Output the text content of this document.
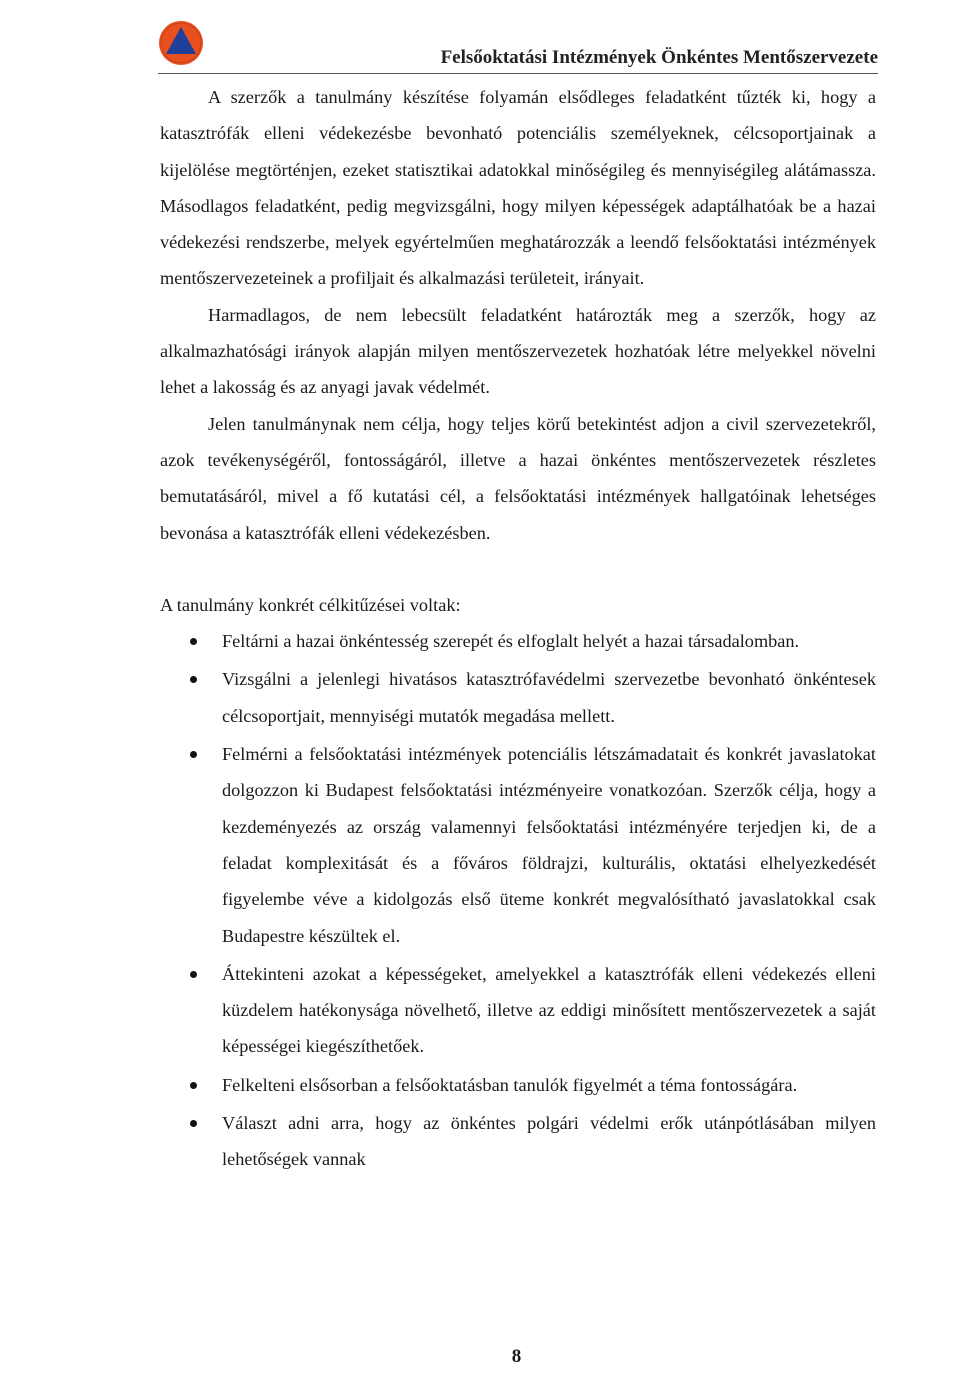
Felsőoktatási Intézmények Önkéntes Mentőszervezete

A szerzők a tanulmány készítése folyamán elsődleges feladatként tűzték ki, hogy a katasztrófák elleni védekezésbe bevonható potenciális személyeknek, célcsoportjainak a kijelölése megtörténjen, ezeket statisztikai adatokkal minőségileg és mennyiségileg alátámassza. Másodlagos feladatként, pedig megvizsgálni, hogy milyen képességek adaptálhatóak be a hazai védekezési rendszerbe, melyek egyértelműen meghatározzák a leendő felsőoktatási intézmények mentőszervezeteinek a profiljait és alkalmazási területeit, irányait.

Harmadlagos, de nem lebecsült feladatként határozták meg a szerzők, hogy az alkalmazhatósági irányok alapján milyen mentőszervezetek hozhatóak létre melyekkel növelni lehet a lakosság és az anyagi javak védelmét.

Jelen tanulmánynak nem célja, hogy teljes körű betekintést adjon a civil szervezetekről, azok tevékenységéről, fontosságáról, illetve a hazai önkéntes mentőszervezetek részletes bemutatásáról, mivel a fő kutatási cél, a felsőoktatási intézmények hallgatóinak lehetséges bevonása a katasztrófák elleni védekezésben.

A tanulmány konkrét célkitűzései voltak:

Feltárni a hazai önkéntesség szerepét és elfoglalt helyét a hazai társadalomban.
Vizsgálni a jelenlegi hivatásos katasztrófavédelmi szervezetbe bevonható önkéntesek célcsoportjait, mennyiségi mutatók megadása mellett.
Felmérni a felsőoktatási intézmények potenciális létszámadatait és konkrét javaslatokat dolgozzon ki Budapest felsőoktatási intézményeire vonatkozóan. Szerzők célja, hogy a kezdeményezés az ország valamennyi felsőoktatási intézményére terjedjen ki, de a feladat komplexitását és a főváros földrajzi, kulturális, oktatási elhelyezkedését figyelembe véve a kidolgozás első üteme konkrét megvalósítható javaslatokkal csak Budapestre készültek el.
Áttekinteni azokat a képességeket, amelyekkel a katasztrófák elleni védekezés elleni küzdelem hatékonysága növelhető, illetve az eddigi minősített mentőszervezetek a saját képességei kiegészíthetőek.
Felkelteni elsősorban a felsőoktatásban tanulók figyelmét a téma fontosságára.
Választ adni arra, hogy az önkéntes polgári védelmi erők utánpótlásában milyen lehetőségek vannak
8
